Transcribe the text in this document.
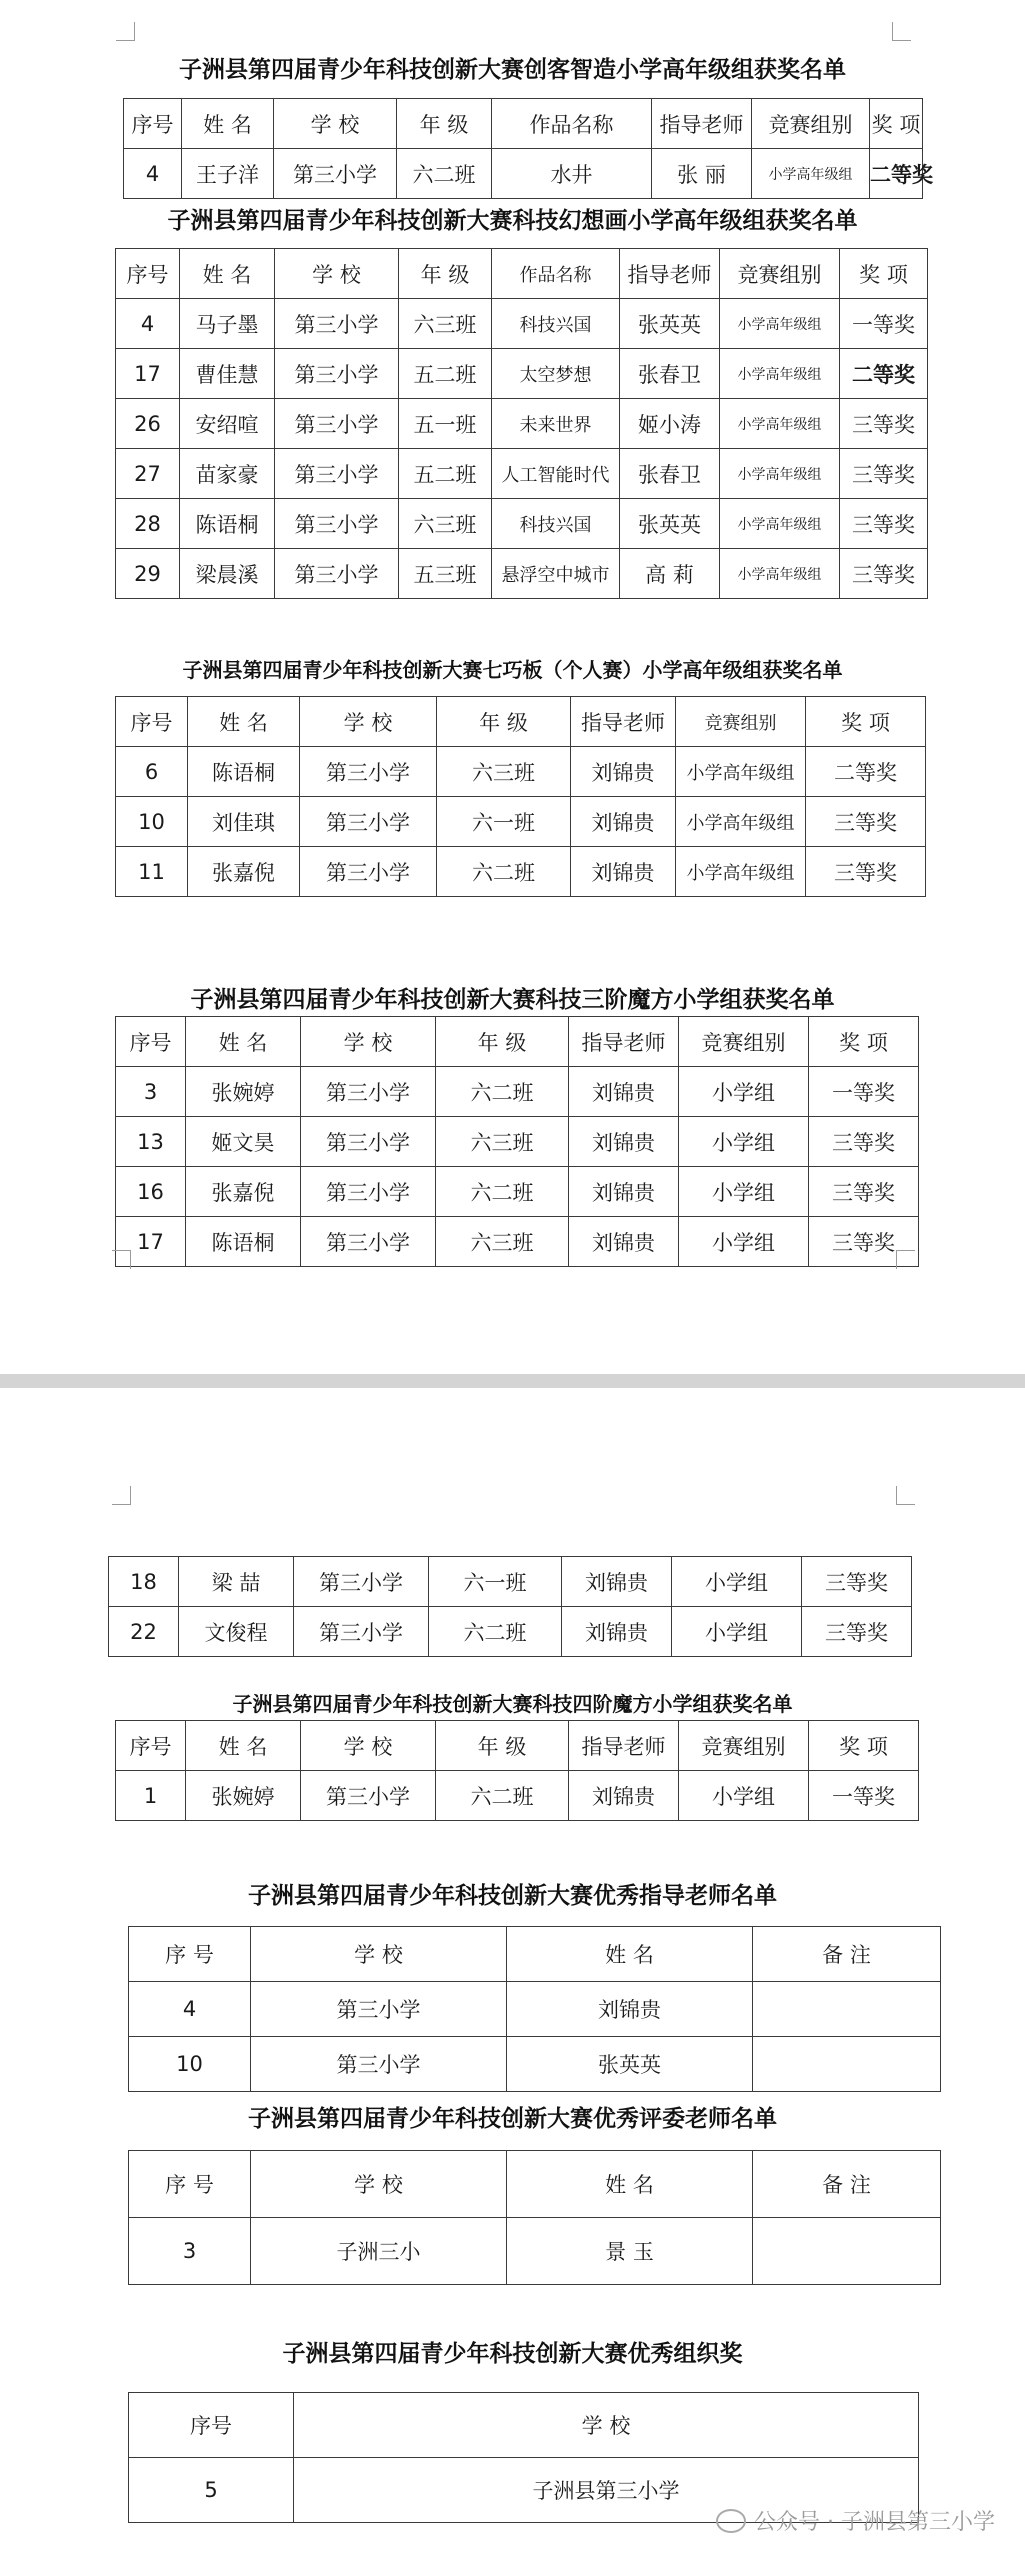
子洲县第四届青少年科技创新大赛创客智造小学高年级组获奖名单

序号	姓 名	学 校	年 级	作品名称	指导老师	竞赛组别	奖 项
4	王子洋	第三小学	六二班	水井	张 丽	小学高年级组	二等奖

子洲县第四届青少年科技创新大赛科技幻想画小学高年级组获奖名单

序号	姓 名	学 校	年 级	作品名称	指导老师	竞赛组别	奖 项
4	马子墨	第三小学	六三班	科技兴国	张英英	小学高年级组	一等奖
17	曹佳慧	第三小学	五二班	太空梦想	张春卫	小学高年级组	二等奖
26	安绍喧	第三小学	五一班	未来世界	姬小涛	小学高年级组	三等奖
27	苗家豪	第三小学	五二班	人工智能时代	张春卫	小学高年级组	三等奖
28	陈语桐	第三小学	六三班	科技兴国	张英英	小学高年级组	三等奖
29	梁晨溪	第三小学	五三班	悬浮空中城市	高 莉	小学高年级组	三等奖

子洲县第四届青少年科技创新大赛七巧板（个人赛）小学高年级组获奖名单

序号	姓 名	学 校	年 级	指导老师	竞赛组别	奖 项
6	陈语桐	第三小学	六三班	刘锦贵	小学高年级组	二等奖
10	刘佳琪	第三小学	六一班	刘锦贵	小学高年级组	三等奖
11	张嘉倪	第三小学	六二班	刘锦贵	小学高年级组	三等奖

子洲县第四届青少年科技创新大赛科技三阶魔方小学组获奖名单

序号	姓 名	学 校	年 级	指导老师	竞赛组别	奖 项
3	张婉婷	第三小学	六二班	刘锦贵	小学组	一等奖
13	姬文昊	第三小学	六三班	刘锦贵	小学组	三等奖
16	张嘉倪	第三小学	六二班	刘锦贵	小学组	三等奖
17	陈语桐	第三小学	六三班	刘锦贵	小学组	三等奖
18	梁 喆	第三小学	六一班	刘锦贵	小学组	三等奖
22	文俊程	第三小学	六二班	刘锦贵	小学组	三等奖

子洲县第四届青少年科技创新大赛科技四阶魔方小学组获奖名单

序号	姓 名	学 校	年 级	指导老师	竞赛组别	奖 项
1	张婉婷	第三小学	六二班	刘锦贵	小学组	一等奖

子洲县第四届青少年科技创新大赛优秀指导老师名单

序 号	学 校	姓 名	备 注
4	第三小学	刘锦贵	
10	第三小学	张英英	

子洲县第四届青少年科技创新大赛优秀评委老师名单

序 号	学 校	姓 名	备 注
3	子洲三小	景 玉	

子洲县第四届青少年科技创新大赛优秀组织奖

序号	学 校
5	子洲县第三小学
公众号 · 子洲县第三小学
